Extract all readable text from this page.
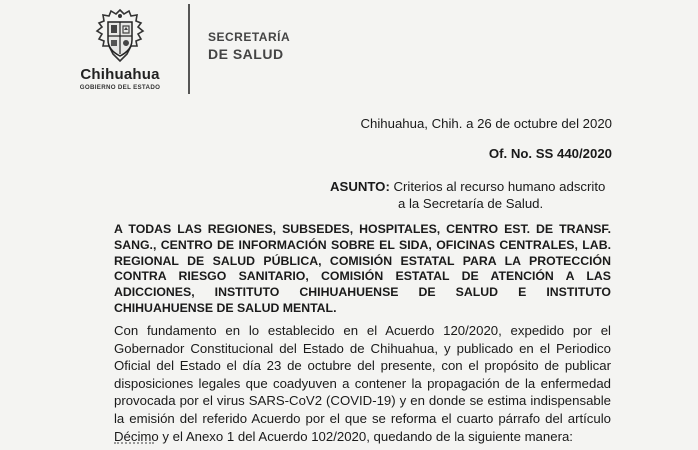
Chihuahua
GOBIERNO DEL ESTADO
SECRETARÍA
DE SALUD
Chihuahua, Chih. a 26 de octubre del 2020
Of. No. SS 440/2020
ASUNTO: Criterios al recurso humano adscrito
a la Secretaría de Salud.
A TODAS LAS REGIONES, SUBSEDES, HOSPITALES, CENTRO EST. DE TRANSF. SANG., CENTRO DE INFORMACIÓN SOBRE EL SIDA, OFICINAS CENTRALES, LAB. REGIONAL DE SALUD PÚBLICA, COMISIÓN ESTATAL PARA LA PROTECCIÓN CONTRA RIESGO SANITARIO, COMISIÓN ESTATAL DE ATENCIÓN A LAS ADICCIONES, INSTITUTO CHIHUAHUENSE DE SALUD E INSTITUTO CHIHUAHUENSE DE SALUD MENTAL.
Con fundamento en lo establecido en el Acuerdo 120/2020, expedido por el Gobernador Constitucional del Estado de Chihuahua, y publicado en el Periodico Oficial del Estado el día 23 de octubre del presente, con el propósito de publicar disposiciones legales que coadyuven a contener la propagación de la enfermedad provocada por el virus SARS-CoV2 (COVID-19) y en donde se estima indispensable la emisión del referido Acuerdo por el que se reforma el cuarto párrafo del artículo Décimo y el Anexo 1 del Acuerdo 102/2020, quedando de la siguiente manera:
